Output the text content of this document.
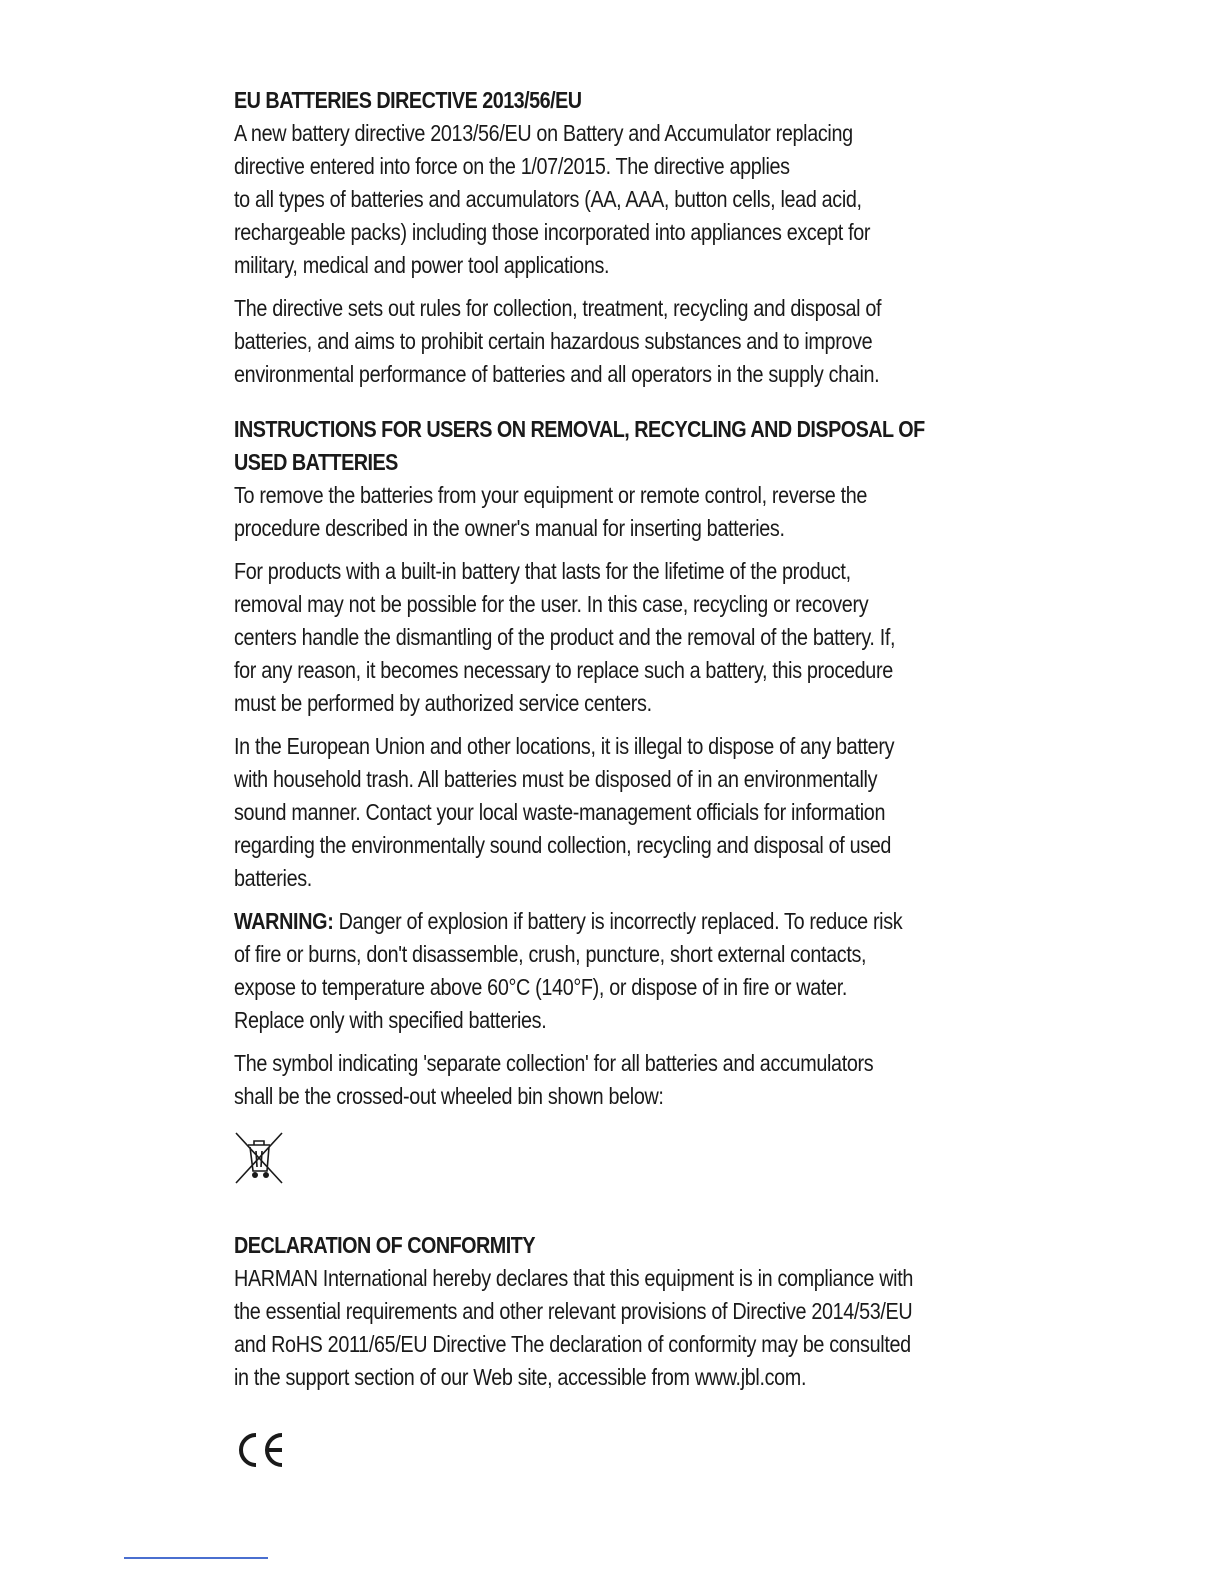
EU BATTERIES DIRECTIVE 2013/56/EU

A new battery directive 2013/56/EU on Battery and Accumulator replacing
directive entered into force on the 1/07/2015. The directive applies
to all types of batteries and accumulators (AA, AAA, button cells, lead acid,
rechargeable packs) including those incorporated into appliances except for
military, medical and power tool applications.

The directive sets out rules for collection, treatment, recycling and disposal of
batteries, and aims to prohibit certain hazardous substances and to improve
environmental performance of batteries and all operators in the supply chain.

INSTRUCTIONS FOR USERS ON REMOVAL, RECYCLING AND DISPOSAL OF
USED BATTERIES

To remove the batteries from your equipment or remote control, reverse the
procedure described in the owner's manual for inserting batteries.

For products with a built-in battery that lasts for the lifetime of the product,
removal may not be possible for the user. In this case, recycling or recovery
centers handle the dismantling of the product and the removal of the battery. If,
for any reason, it becomes necessary to replace such a battery, this procedure
must be performed by authorized service centers.

In the European Union and other locations, it is illegal to dispose of any battery
with household trash. All batteries must be disposed of in an environmentally
sound manner. Contact your local waste-management officials for information
regarding the environmentally sound collection, recycling and disposal of used
batteries.

WARNING: Danger of explosion if battery is incorrectly replaced. To reduce risk
of fire or burns, don't disassemble, crush, puncture, short external contacts,
expose to temperature above 60°C (140°F), or dispose of in fire or water.
Replace only with specified batteries.

The symbol indicating 'separate collection' for all batteries and accumulators
shall be the crossed-out wheeled bin shown below:

DECLARATION OF CONFORMITY

HARMAN International hereby declares that this equipment is in compliance with
the essential requirements and other relevant provisions of Directive 2014/53/EU
and RoHS 2011/65/EU Directive The declaration of conformity may be consulted
in the support section of our Web site, accessible from www.jbl.com.
